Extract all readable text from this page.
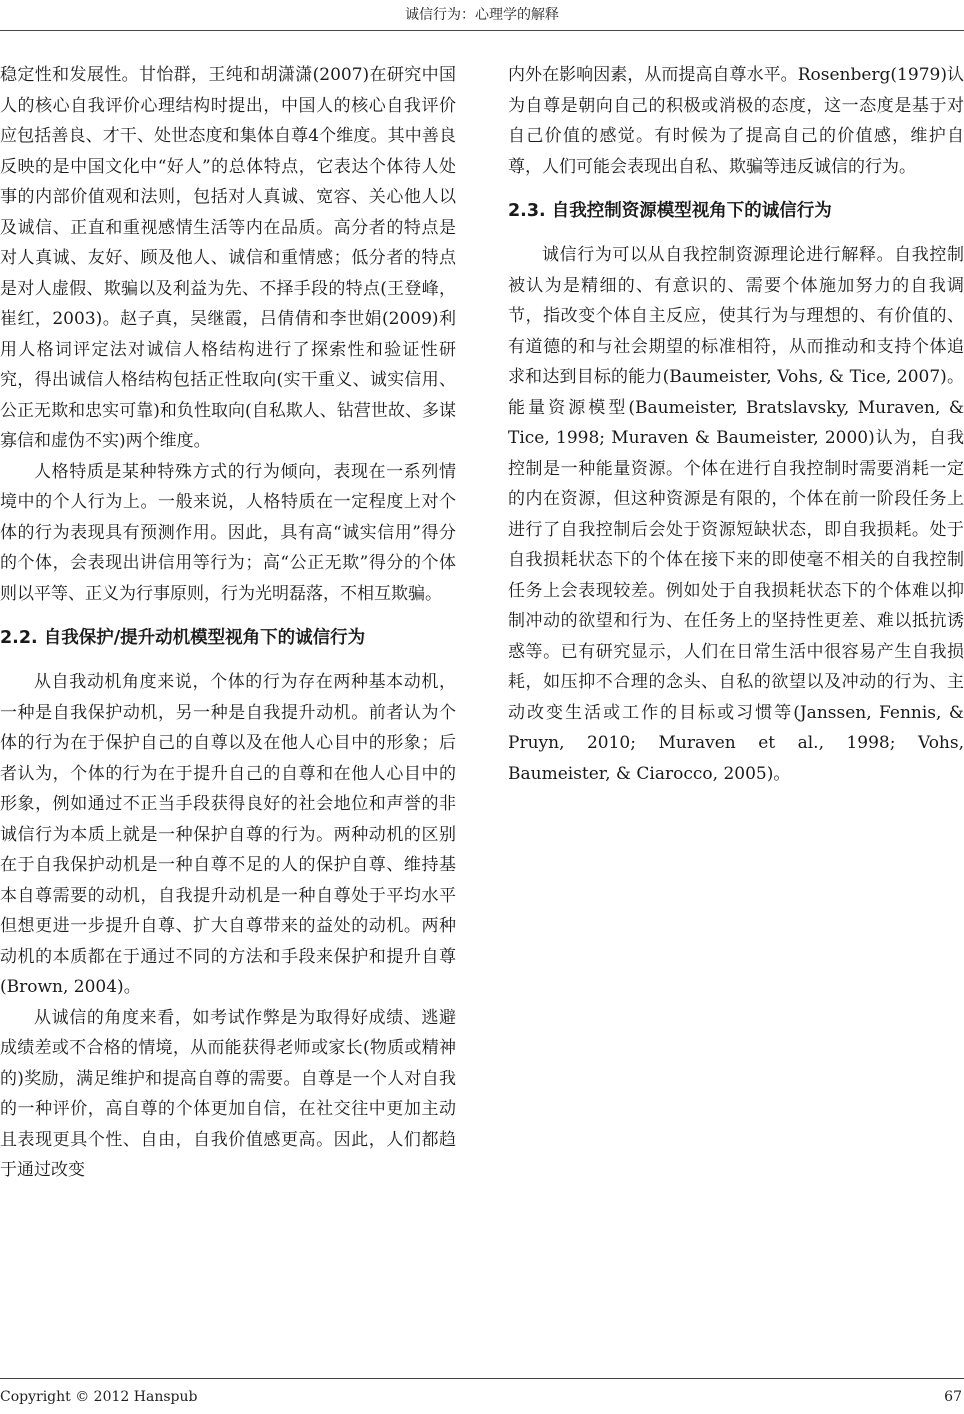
诚信行为：心理学的解释

稳定性和发展性。甘怡群，王纯和胡潇潇(2007)在研究中国人的核心自我评价心理结构时提出，中国人的核心自我评价应包括善良、才干、处世态度和集体自尊4个维度。其中善良反映的是中国文化中“好人”的总体特点，它表达个体待人处事的内部价值观和法则，包括对人真诚、宽容、关心他人以及诚信、正直和重视感情生活等内在品质。高分者的特点是对人真诚、友好、顾及他人、诚信和重情感；低分者的特点是对人虚假、欺骗以及利益为先、不择手段的特点(王登峰，崔红，2003)。赵子真，吴继霞，吕倩倩和李世娟(2009)利用人格词评定法对诚信人格结构进行了探索性和验证性研究，得出诚信人格结构包括正性取向(实干重义、诚实信用、公正无欺和忠实可靠)和负性取向(自私欺人、钻营世故、多谋寡信和虚伪不实)两个维度。

人格特质是某种特殊方式的行为倾向，表现在一系列情境中的个人行为上。一般来说，人格特质在一定程度上对个体的行为表现具有预测作用。因此，具有高“诚实信用”得分的个体，会表现出讲信用等行为；高“公正无欺”得分的个体则以平等、正义为行事原则，行为光明磊落，不相互欺骗。

2.2. 自我保护/提升动机模型视角下的诚信行为

从自我动机角度来说，个体的行为存在两种基本动机，一种是自我保护动机，另一种是自我提升动机。前者认为个体的行为在于保护自己的自尊以及在他人心目中的形象；后者认为，个体的行为在于提升自己的自尊和在他人心目中的形象，例如通过不正当手段获得良好的社会地位和声誉的非诚信行为本质上就是一种保护自尊的行为。两种动机的区别在于自我保护动机是一种自尊不足的人的保护自尊、维持基本自尊需要的动机，自我提升动机是一种自尊处于平均水平但想更进一步提升自尊、扩大自尊带来的益处的动机。两种动机的本质都在于通过不同的方法和手段来保护和提升自尊(Brown, 2004)。

从诚信的角度来看，如考试作弊是为取得好成绩、逃避成绩差或不合格的情境，从而能获得老师或家长(物质或精神的)奖励，满足维护和提高自尊的需要。自尊是一个人对自我的一种评价，高自尊的个体更加自信，在社交往中更加主动且表现更具个性、自由，自我价值感更高。因此，人们都趋于通过改变

内外在影响因素，从而提高自尊水平。Rosenberg(1979)认为自尊是朝向自己的积极或消极的态度，这一态度是基于对自己价值的感觉。有时候为了提高自己的价值感，维护自尊，人们可能会表现出自私、欺骗等违反诚信的行为。

2.3. 自我控制资源模型视角下的诚信行为

诚信行为可以从自我控制资源理论进行解释。自我控制被认为是精细的、有意识的、需要个体施加努力的自我调节，指改变个体自主反应，使其行为与理想的、有价值的、有道德的和与社会期望的标准相符，从而推动和支持个体追求和达到目标的能力(Baumeister, Vohs, & Tice, 2007)。能量资源模型(Baumeister, Bratslavsky, Muraven, & Tice, 1998; Muraven & Baumeister, 2000)认为，自我控制是一种能量资源。个体在进行自我控制时需要消耗一定的内在资源，但这种资源是有限的，个体在前一阶段任务上进行了自我控制后会处于资源短缺状态，即自我损耗。处于自我损耗状态下的个体在接下来的即使毫不相关的自我控制任务上会表现较差。例如处于自我损耗状态下的个体难以抑制冲动的欲望和行为、在任务上的坚持性更差、难以抵抗诱惑等。已有研究显示，人们在日常生活中很容易产生自我损耗，如压抑不合理的念头、自私的欲望以及冲动的行为、主动改变生活或工作的目标或习惯等(Janssen, Fennis, & Pruyn, 2010; Muraven et al., 1998; Vohs, Baumeister, & Ciarocco, 2005)。

Copyright © 2012 Hanspub	67
